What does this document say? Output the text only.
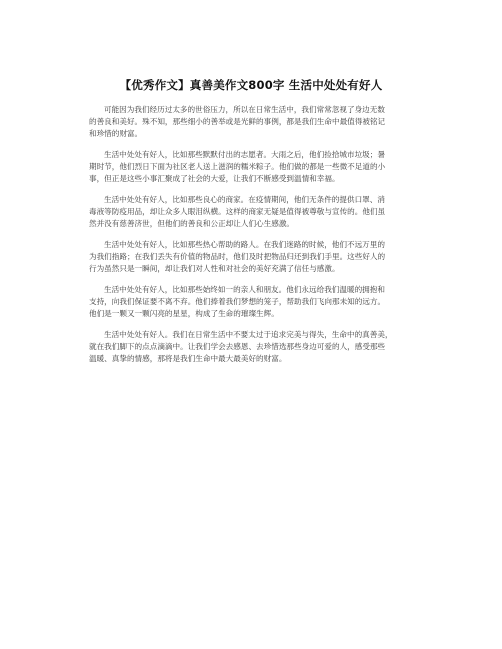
【优秀作文】真善美作文800字 生活中处处有好人

可能因为我们经历过太多的世俗压力，所以在日常生活中，我们常常忽视了身边无数
的善良和美好。殊不知，那些细小的善举或是光鲜的事例，都是我们生命中最值得被铭记
和珍惜的财富。

生活中处处有好人，比如那些默默付出的志愿者。大雨之后，他们捡拾城市垃圾；暑
期时节，他们烈日下面为社区老人送上滋润的糯米粽子。他们做的都是一些微不足道的小
事，但正是这些小事汇聚成了社会的大爱，让我们不断感受到温情和幸福。

生活中处处有好人，比如那些良心的商家。在疫情期间，他们无条件的提供口罩、消
毒液等防疫用品，却让众多人眼泪纵横。这样的商家无疑是值得被尊敬与宣传的。他们虽
然并没有慈善济世，但他们的善良和公正却让人们心生感激。

生活中处处有好人，比如那些热心帮助的路人。在我们迷路的时候，他们不远万里的
为我们指路；在我们丢失有价值的物品时，他们及时把物品归还到我们手里。这些好人的
行为虽然只是一瞬间，却让我们对人性和对社会的美好充满了信任与感激。

生活中处处有好人，比如那些始终如一的亲人和朋友。他们永远给我们温暖的拥抱和
支持，向我们保证要不离不弃。他们捧着我们梦想的笼子，帮助我们飞向那未知的远方。
他们是一颗又一颗闪亮的星星，构成了生命的璀璨生辉。

生活中处处有好人。我们在日常生活中不要太过于追求完美与得失，生命中的真善美，
就在我们脚下的点点滴滴中。让我们学会去感恩、去珍惜选那些身边可爱的人，感受那些
温暖、真挚的情感，那将是我们生命中最大最美好的财富。
